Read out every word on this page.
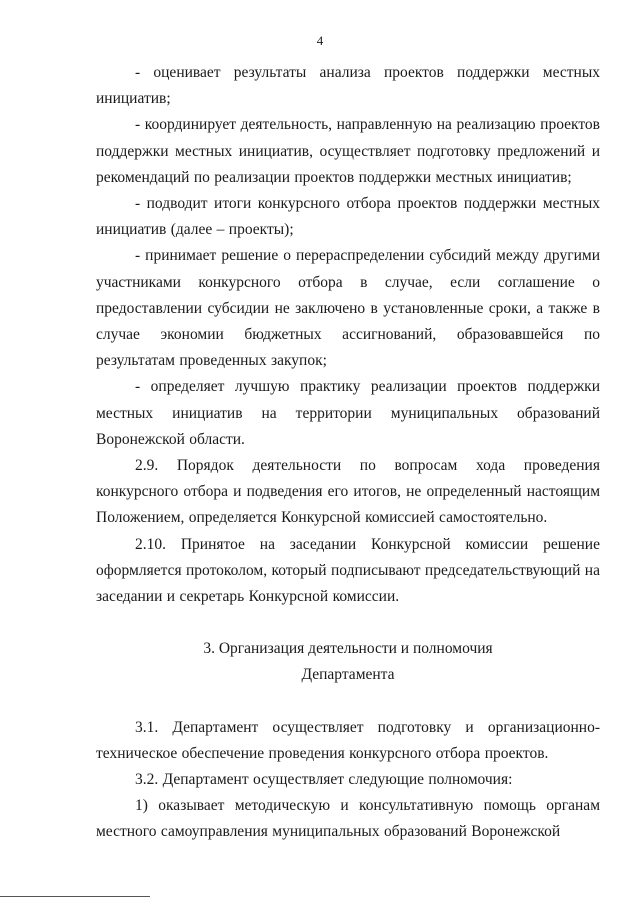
4

- оценивает результаты анализа проектов поддержки местных инициатив;

- координирует деятельность, направленную на реализацию проектов поддержки местных инициатив, осуществляет подготовку предложений и рекомендаций по реализации проектов поддержки местных инициатив;

- подводит итоги конкурсного отбора проектов поддержки местных инициатив (далее – проекты);

- принимает решение о перераспределении субсидий между другими участниками конкурсного отбора в случае, если соглашение о предоставлении субсидии не заключено в установленные сроки, а также в случае экономии бюджетных ассигнований, образовавшейся по результатам проведенных закупок;

- определяет лучшую практику реализации проектов поддержки местных инициатив на территории муниципальных образований Воронежской области.

2.9. Порядок деятельности по вопросам хода проведения конкурсного отбора и подведения его итогов, не определенный настоящим Положением, определяется Конкурсной комиссией самостоятельно.

2.10. Принятое на заседании Конкурсной комиссии решение оформляется протоколом, который подписывают председательствующий на заседании и секретарь Конкурсной комиссии.

3. Организация деятельности и полномочия

Департамента

3.1. Департамент осуществляет подготовку и организационно-техническое обеспечение проведения конкурсного отбора проектов.

3.2. Департамент осуществляет следующие полномочия:

1) оказывает методическую и консультативную помощь органам местного самоуправления муниципальных образований Воронежской
